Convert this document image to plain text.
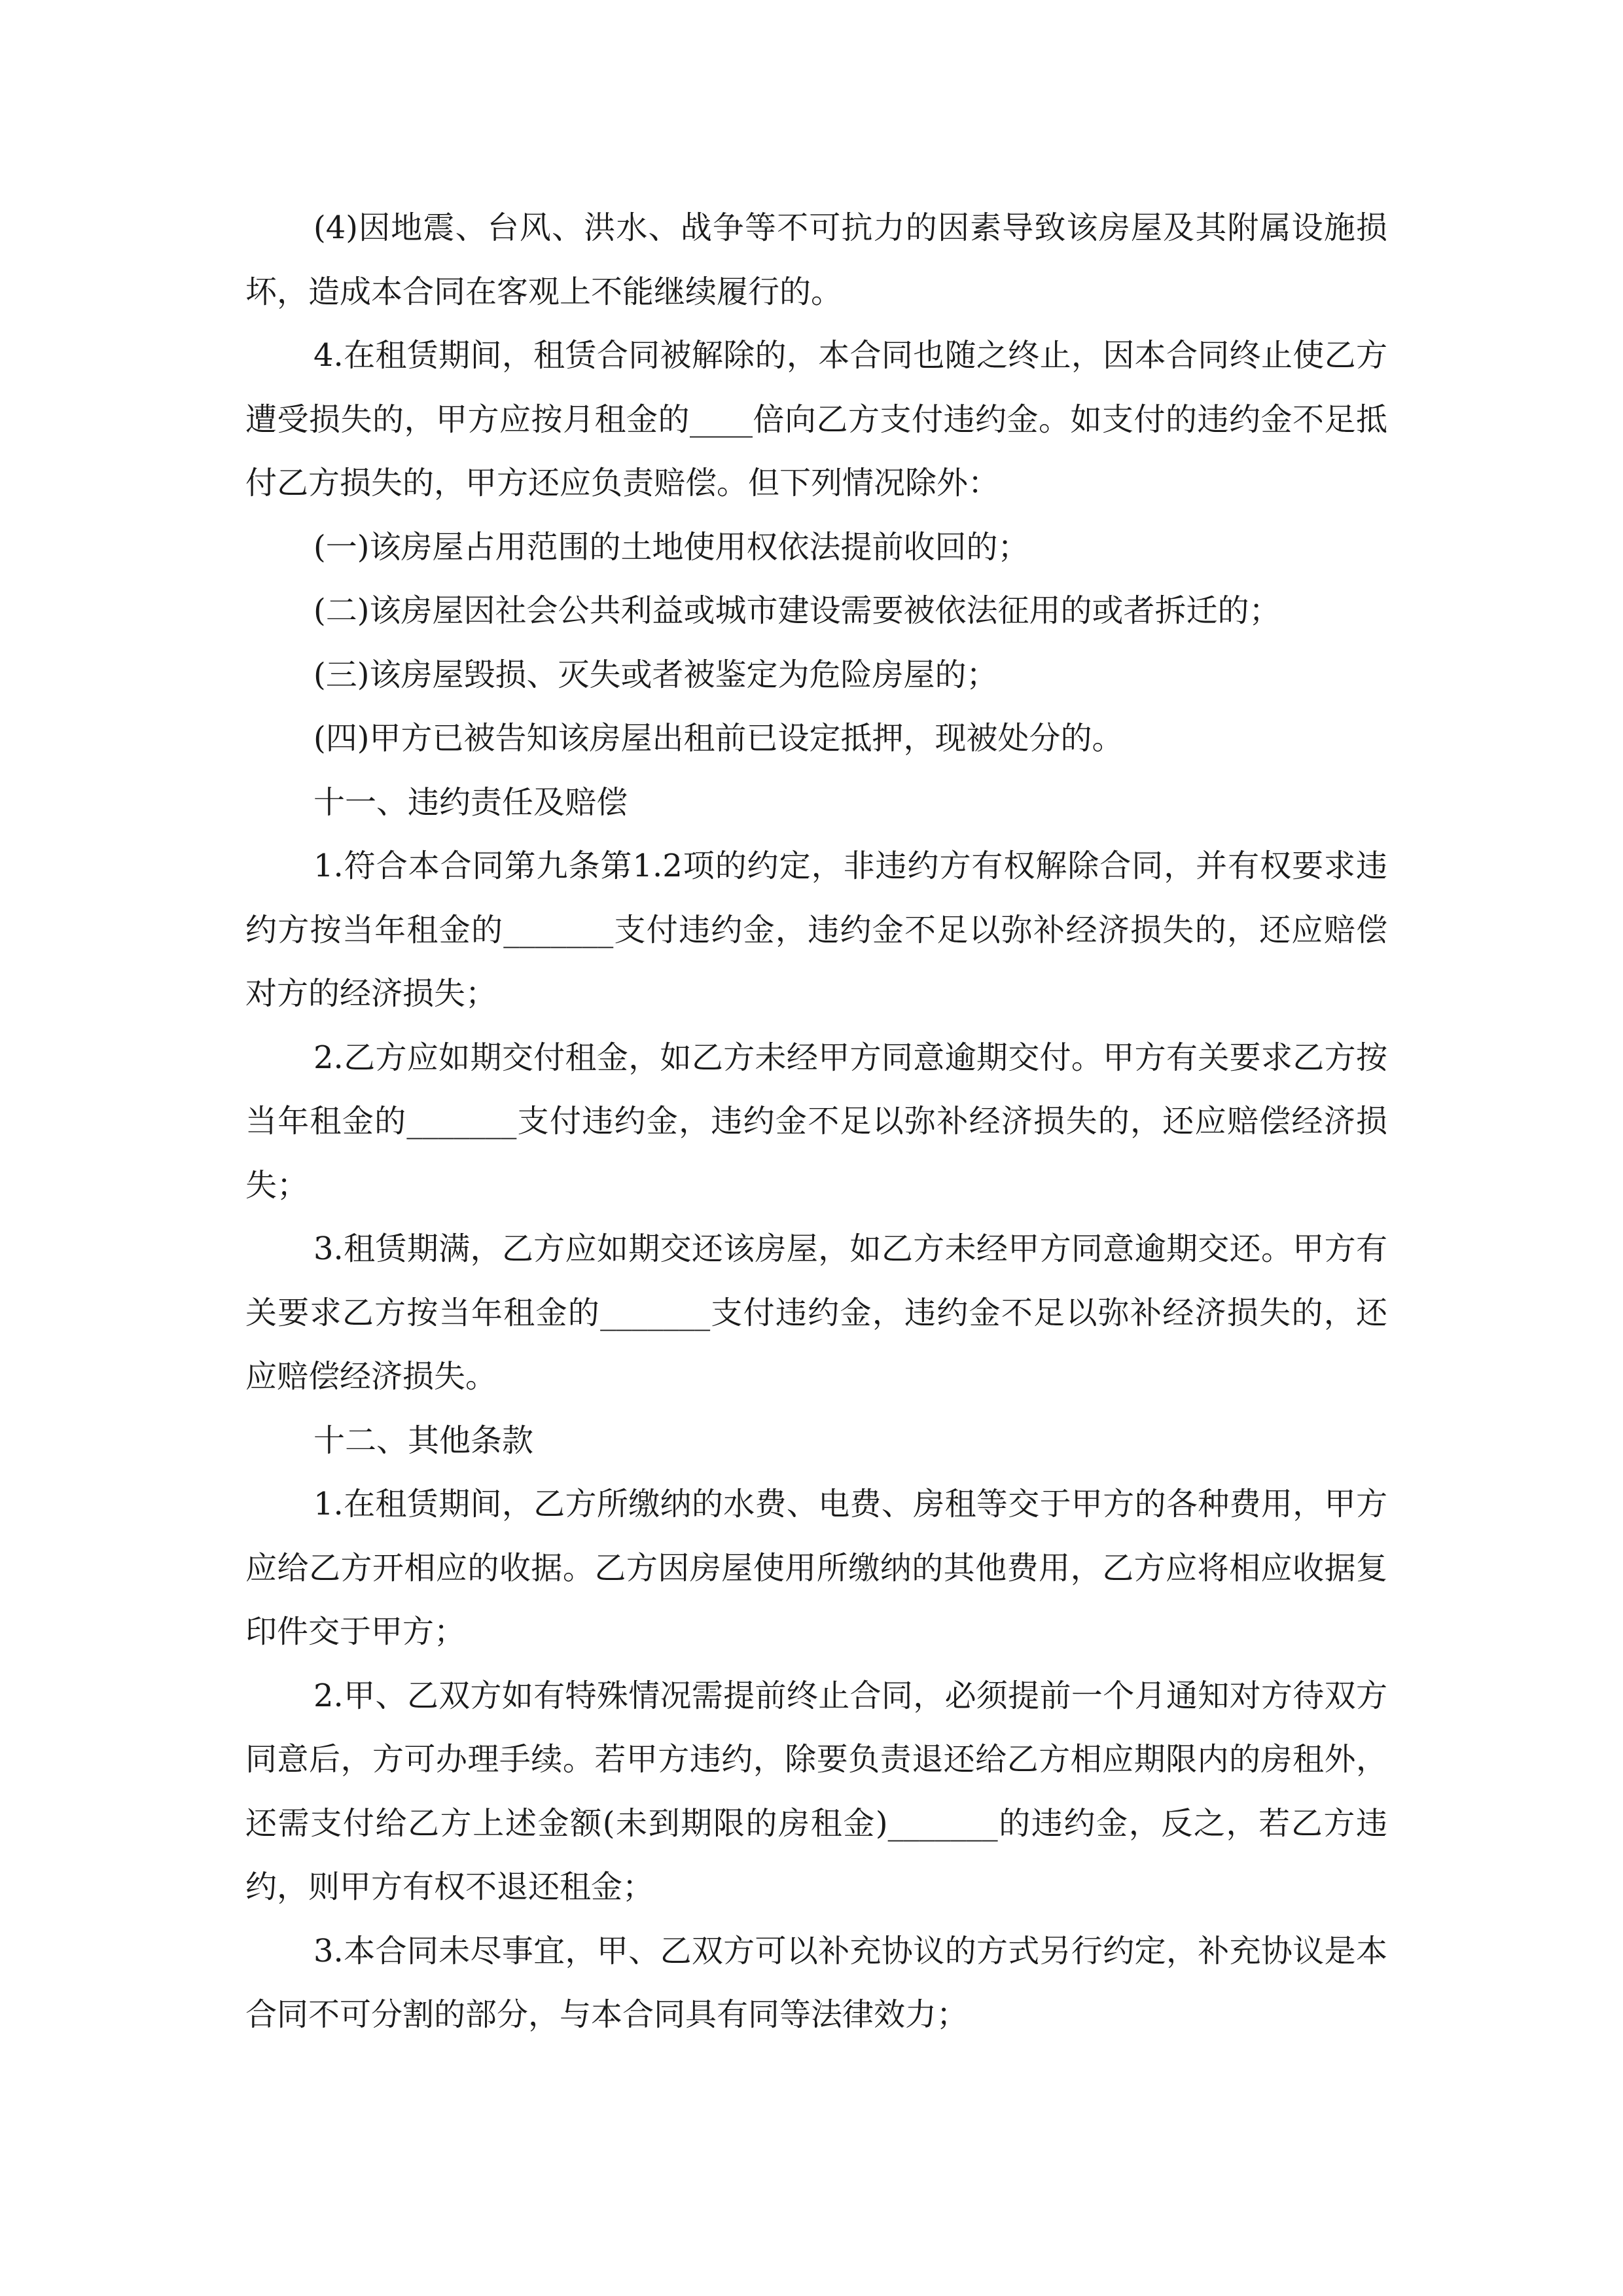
(4)因地震、台风、洪水、战争等不可抗力的因素导致该房屋及其附属设施损坏，造成本合同在客观上不能继续履行的。

4.在租赁期间，租赁合同被解除的，本合同也随之终止，因本合同终止使乙方遭受损失的，甲方应按月租金的____倍向乙方支付违约金。如支付的违约金不足抵付乙方损失的，甲方还应负责赔偿。但下列情况除外：

(一)该房屋占用范围的土地使用权依法提前收回的；

(二)该房屋因社会公共利益或城市建设需要被依法征用的或者拆迁的；

(三)该房屋毁损、灭失或者被鉴定为危险房屋的；

(四)甲方已被告知该房屋出租前已设定抵押，现被处分的。

十一、违约责任及赔偿

1.符合本合同第九条第1.2项的约定，非违约方有权解除合同，并有权要求违约方按当年租金的_______支付违约金，违约金不足以弥补经济损失的，还应赔偿对方的经济损失；

2.乙方应如期交付租金，如乙方未经甲方同意逾期交付。甲方有关要求乙方按当年租金的_______支付违约金，违约金不足以弥补经济损失的，还应赔偿经济损失；

3.租赁期满，乙方应如期交还该房屋，如乙方未经甲方同意逾期交还。甲方有关要求乙方按当年租金的_______支付违约金，违约金不足以弥补经济损失的，还应赔偿经济损失。

十二、其他条款

1.在租赁期间，乙方所缴纳的水费、电费、房租等交于甲方的各种费用，甲方应给乙方开相应的收据。乙方因房屋使用所缴纳的其他费用，乙方应将相应收据复印件交于甲方；

2.甲、乙双方如有特殊情况需提前终止合同，必须提前一个月通知对方待双方同意后，方可办理手续。若甲方违约，除要负责退还给乙方相应期限内的房租外，还需支付给乙方上述金额(未到期限的房租金)_______的违约金，反之，若乙方违约，则甲方有权不退还租金；

3.本合同未尽事宜，甲、乙双方可以补充协议的方式另行约定，补充协议是本合同不可分割的部分，与本合同具有同等法律效力；
